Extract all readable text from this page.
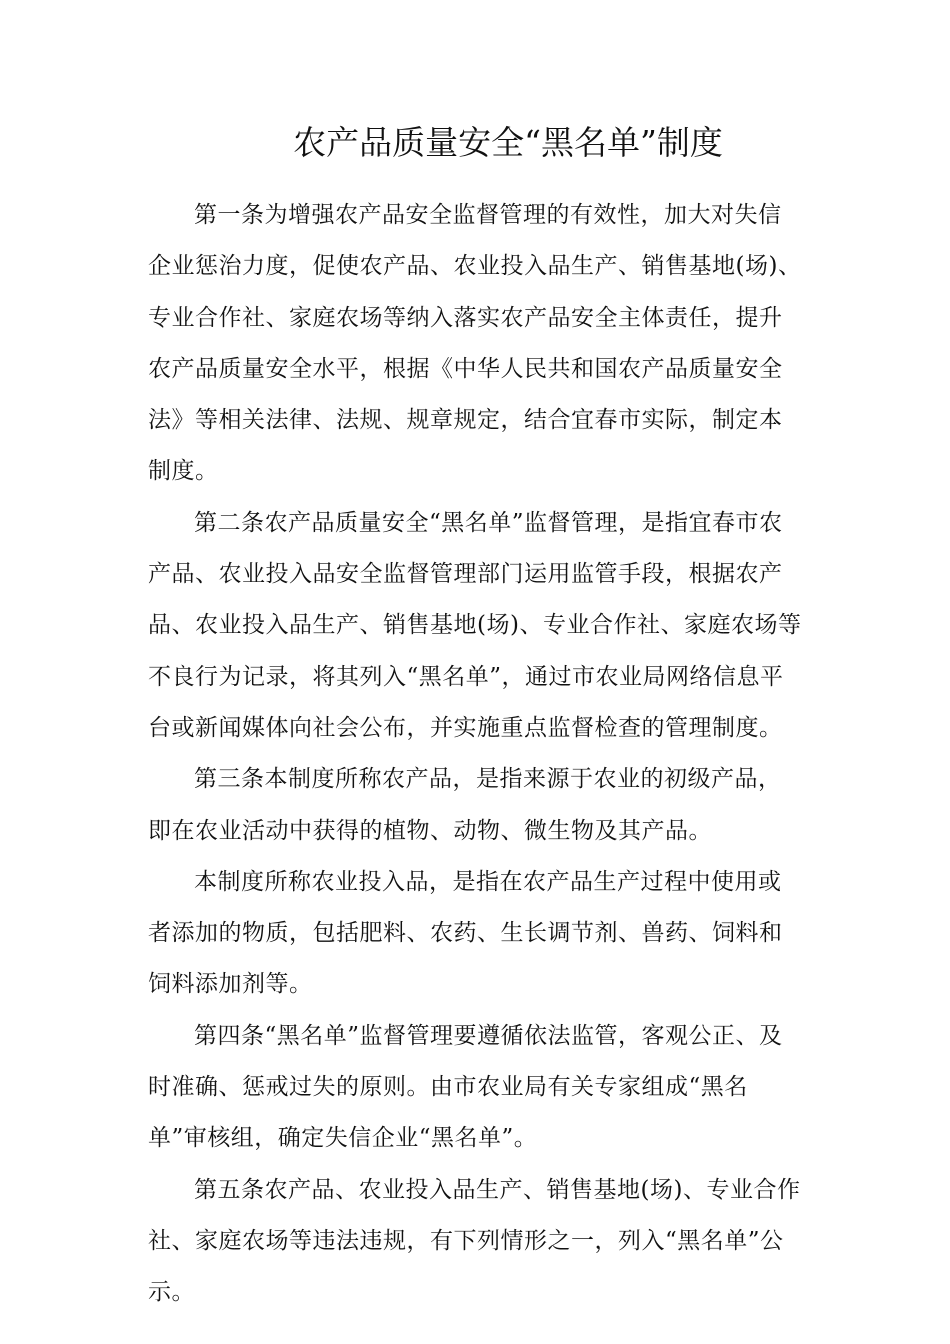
农产品质量安全“黑名单”制度

第一条为增强农产品安全监督管理的有效性，加大对失信企业惩治力度，促使农产品、农业投入品生产、销售基地(场)、专业合作社、家庭农场等纳入落实农产品安全主体责任，提升农产品质量安全水平，根据《中华人民共和国农产品质量安全法》等相关法律、法规、规章规定，结合宜春市实际，制定本制度。

第二条农产品质量安全“黑名单”监督管理，是指宜春市农产品、农业投入品安全监督管理部门运用监管手段，根据农产品、农业投入品生产、销售基地(场)、专业合作社、家庭农场等不良行为记录，将其列入“黑名单”，通过市农业局网络信息平台或新闻媒体向社会公布，并实施重点监督检查的管理制度。

第三条本制度所称农产品，是指来源于农业的初级产品，即在农业活动中获得的植物、动物、微生物及其产品。

本制度所称农业投入品，是指在农产品生产过程中使用或者添加的物质，包括肥料、农药、生长调节剂、兽药、饲料和饲料添加剂等。

第四条“黑名单”监督管理要遵循依法监管，客观公正、及时准确、惩戒过失的原则。由市农业局有关专家组成“黑名单”审核组，确定失信企业“黑名单”。

第五条农产品、农业投入品生产、销售基地(场)、专业合作社、家庭农场等违法违规，有下列情形之一，列入“黑名单”公示。
